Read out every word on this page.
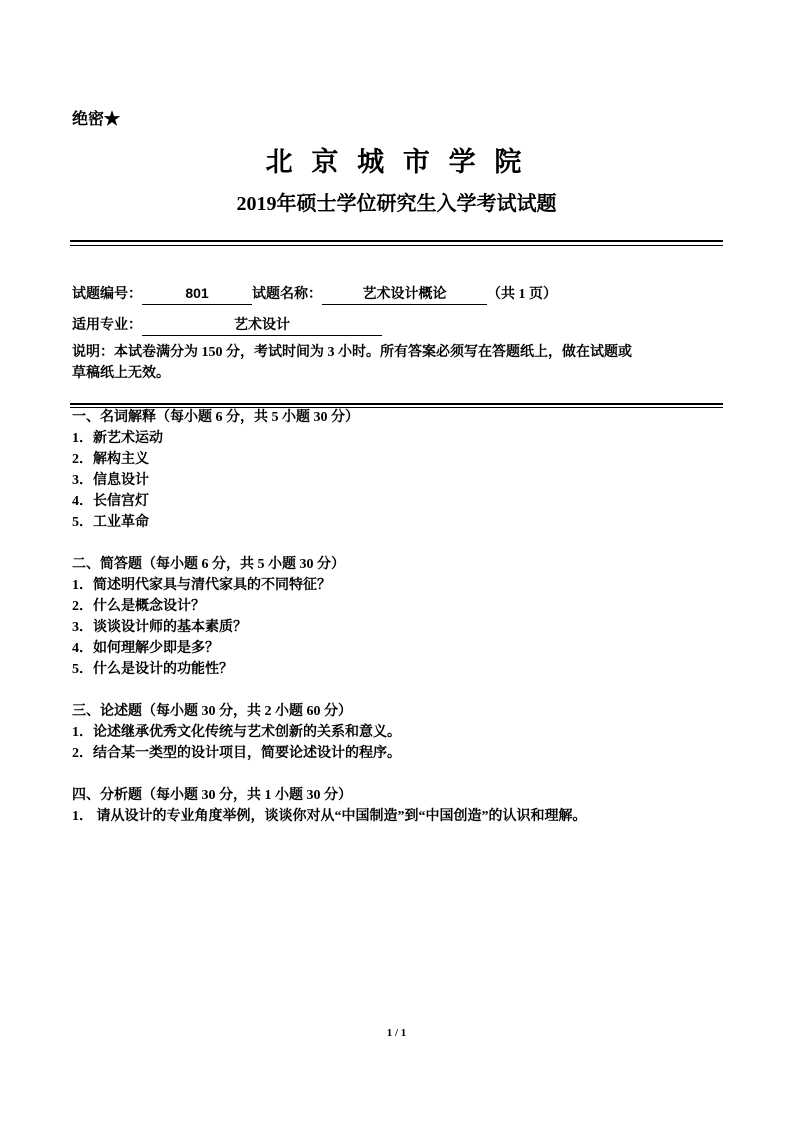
绝密★
北 京 城 市 学 院
2019年硕士学位研究生入学考试试题
试题编号：	801	试题名称：	艺术设计概论	（共 1 页）
适用专业：	艺术设计
说明：本试卷满分为 150 分，考试时间为 3 小时。所有答案必须写在答题纸上，做在试题或
草稿纸上无效。
一、名词解释（每小题 6 分，共 5 小题 30 分）
1．新艺术运动
2．解构主义
3．信息设计
4．长信宫灯
5．工业革命
二、简答题（每小题 6 分，共 5 小题 30 分）
1．简述明代家具与清代家具的不同特征？
2．什么是概念设计？
3．谈谈设计师的基本素质？
4．如何理解少即是多？
5．什么是设计的功能性？
三、论述题（每小题 30 分，共 2 小题 60 分）
1．论述继承优秀文化传统与艺术创新的关系和意义。
2．结合某一类型的设计项目，简要论述设计的程序。
四、分析题（每小题 30 分，共 1 小题 30 分）
1． 请从设计的专业角度举例，谈谈你对从“中国制造”到“中国创造”的认识和理解。
1 / 1
